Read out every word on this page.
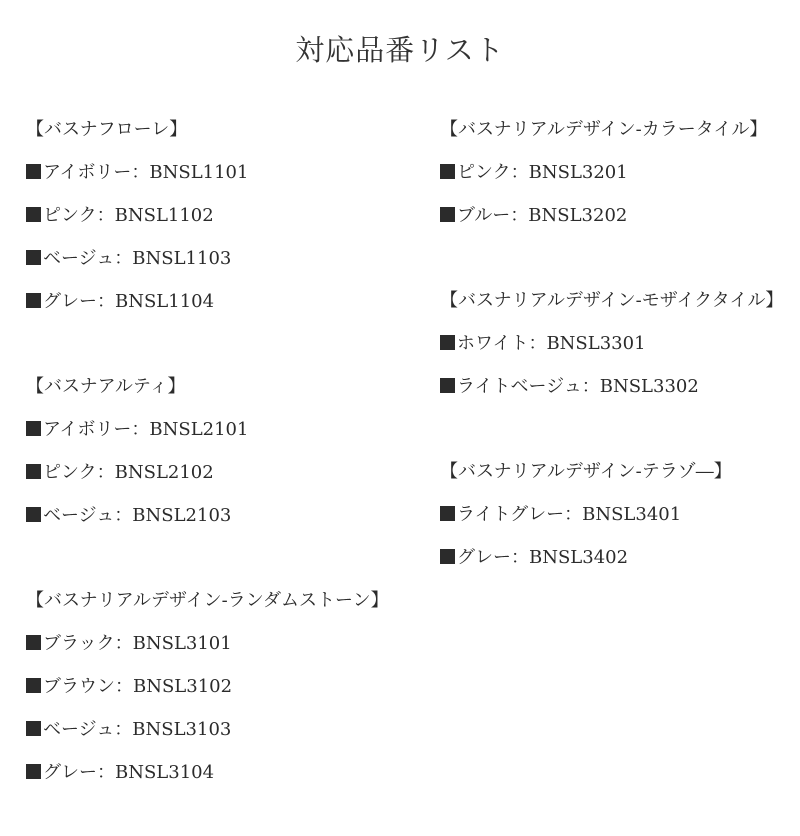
対応品番リスト
【バスナフローレ】
アイボリー：BNSL1101
ピンク：BNSL1102
ベージュ：BNSL1103
グレー：BNSL1104
【バスナアルティ】
アイボリー：BNSL2101
ピンク：BNSL2102
ベージュ：BNSL2103
【バスナリアルデザイン-ランダムストーン】
ブラック：BNSL3101
ブラウン：BNSL3102
ベージュ：BNSL3103
グレー：BNSL3104
【バスナリアルデザイン-カラータイル】
ピンク：BNSL3201
ブルー：BNSL3202
【バスナリアルデザイン-モザイクタイル】
ホワイト：BNSL3301
ライトベージュ：BNSL3302
【バスナリアルデザイン-テラゾ―】
ライトグレー：BNSL3401
グレー：BNSL3402
